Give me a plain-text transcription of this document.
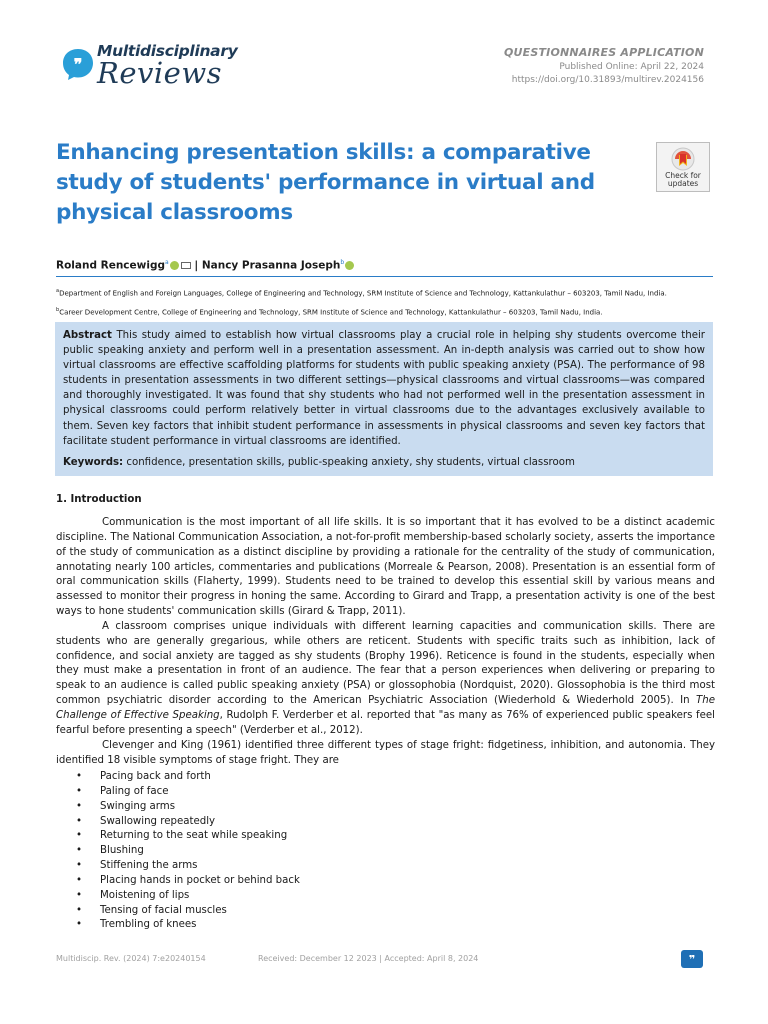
❞
Multidisciplinary
Reviews
QUESTIONNAIRES APPLICATION
Published Online: April 22, 2024
https://doi.org/10.31893/multirev.2024156
Enhancing presentation skills: a comparative study of students' performance in virtual and physical classrooms
Check for updates
Roland Rencewigg$^a$ | Nancy Prasanna Joseph$^b$
$^a$Department of English and Foreign Languages, College of Engineering and Technology, SRM Institute of Science and Technology, Kattankulathur – 603203, Tamil Nadu, India.
$^b$Career Development Centre, College of Engineering and Technology, SRM Institute of Science and Technology, Kattankulathur – 603203, Tamil Nadu, India.
Abstract This study aimed to establish how virtual classrooms play a crucial role in helping shy students overcome their public speaking anxiety and perform well in a presentation assessment. An in-depth analysis was carried out to show how virtual classrooms are effective scaffolding platforms for students with public speaking anxiety (PSA). The performance of 98 students in presentation assessments in two different settings—physical classrooms and virtual classrooms—was compared and thoroughly investigated. It was found that shy students who had not performed well in the presentation assessment in physical classrooms could perform relatively better in virtual classrooms due to the advantages exclusively available to them. Seven key factors that inhibit student performance in assessments in physical classrooms and seven key factors that facilitate student performance in virtual classrooms are identified.
Keywords: confidence, presentation skills, public-speaking anxiety, shy students, virtual classroom
1. Introduction

Communication is the most important of all life skills. It is so important that it has evolved to be a distinct academic discipline. The National Communication Association, a not-for-profit membership-based scholarly society, asserts the importance of the study of communication as a distinct discipline by providing a rationale for the centrality of the study of communication, annotating nearly 100 articles, commentaries and publications (Morreale & Pearson, 2008). Presentation is an essential form of oral communication skills (Flaherty, 1999). Students need to be trained to develop this essential skill by various means and assessed to monitor their progress in honing the same. According to Girard and Trapp, a presentation activity is one of the best ways to hone students' communication skills (Girard & Trapp, 2011).

A classroom comprises unique individuals with different learning capacities and communication skills. There are students who are generally gregarious, while others are reticent. Students with specific traits such as inhibition, lack of confidence, and social anxiety are tagged as shy students (Brophy 1996). Reticence is found in the students, especially when they must make a presentation in front of an audience. The fear that a person experiences when delivering or preparing to speak to an audience is called public speaking anxiety (PSA) or glossophobia (Nordquist, 2020). Glossophobia is the third most common psychiatric disorder according to the American Psychiatric Association (Wiederhold & Wiederhold 2005). In The Challenge of Effective Speaking, Rudolph F. Verderber et al. reported that "as many as 76% of experienced public speakers feel fearful before presenting a speech" (Verderber et al., 2012).

Clevenger and King (1961) identified three different types of stage fright: fidgetiness, inhibition, and autonomia. They identified 18 visible symptoms of stage fright. They are

•	Pacing back and forth
•	Paling of face
•	Swinging arms
•	Swallowing repeatedly
•	Returning to the seat while speaking
•	Blushing
•	Stiffening the arms
•	Placing hands in pocket or behind back
•	Moistening of lips
•	Tensing of facial muscles
•	Trembling of knees
Multidiscip. Rev. (2024) 7:e20240154	Received: December 12 2023 | Accepted: April 8, 2024	❞
